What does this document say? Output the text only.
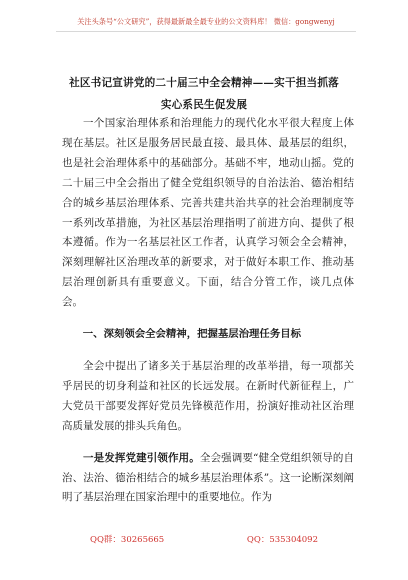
关注头条号“公文研究”，获得最新最全最专业的公文资料库！ 微信：gongwenyj
社区书记宣讲党的二十届三中全会精神——实干担当抓落
实心系民生促发展

一个国家治理体系和治理能力的现代化水平很大程度上体现在基层。社区是服务居民最直接、最具体、最基层的组织，也是社会治理体系中的基础部分。基础不牢，地动山摇。党的二十届三中全会指出了健全党组织领导的自治法治、德治相结合的城乡基层治理体系、完善共建共治共享的社会治理制度等一系列改革措施，为社区基层治理指明了前进方向、提供了根本遵循。作为一名基层社区工作者，认真学习领会全会精神，深刻理解社区治理改革的新要求，对于做好本职工作、推动基层治理创新具有重要意义。下面，结合分管工作，谈几点体会。

一、深刻领会全会精神，把握基层治理任务目标

全会中提出了诸多关于基层治理的改革举措，每一项都关乎居民的切身利益和社区的长远发展。在新时代新征程上，广大党员干部要发挥好党员先锋模范作用，扮演好推动社区治理高质量发展的排头兵角色。

一是发挥党建引领作用。全会强调要“健全党组织领导的自治、法治、德治相结合的城乡基层治理体系”。这一论断深刻阐明了基层治理在国家治理中的重要地位。作为

QQ群：30265665	QQ：535304092
